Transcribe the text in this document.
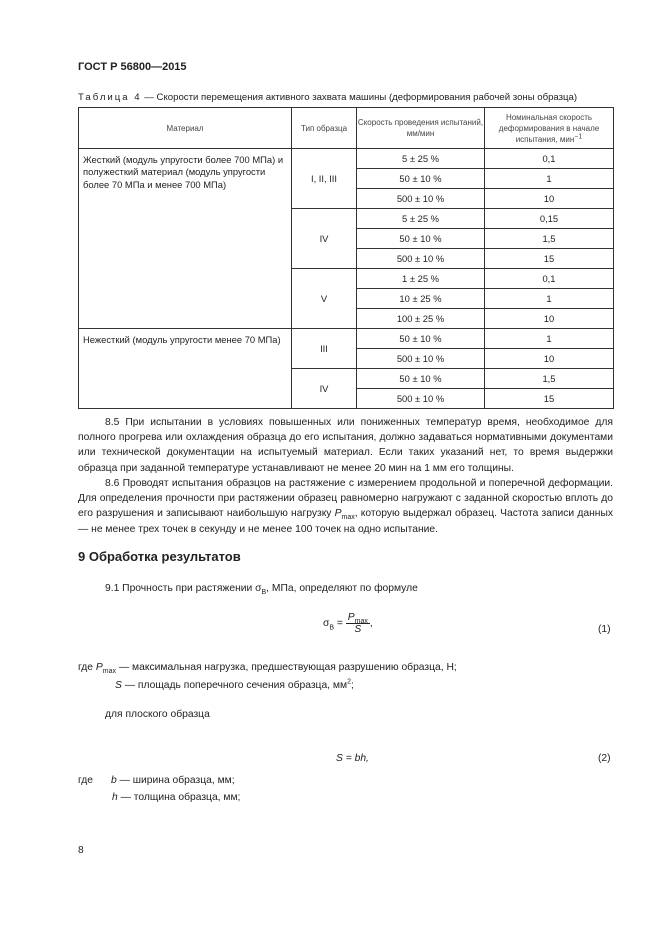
ГОСТ Р 56800—2015
Таблица 4 — Скорости перемещения активного захвата машины (деформирования рабочей зоны образца)
Материал	Тип образца	Скорость проведения испытаний, мм/мин	Номинальная скорость деформирования в начале испытания, мин$^{-1}$
Жесткий (модуль упругости более 700 МПа) и полужесткий материал (модуль упругости более 70 МПа и менее 700 МПа)	I, II, III	5 ± 25 %	0,1
		50 ± 10 %	1
		500 ± 10 %	10
	IV	5 ± 25 %	0,15
		50 ± 10 %	1,5
		500 ± 10 %	15
	V	1 ± 25 %	0,1
		10 ± 25 %	1
		100 ± 25 %	10
Нежесткий (модуль упругости менее 70 МПа)	III	50 ± 10 %	1
		500 ± 10 %	10
	IV	50 ± 10 %	1,5
		500 ± 10 %	15
8.5 При испытании в условиях повышенных или пониженных температур время, необходимое для полного прогрева или охлаждения образца до его испытания, должно задаваться нормативными документами или технической документации на испытуемый материал. Если таких указаний нет, то время выдержки образца при заданной температуре устанавливают не менее 20 мин на 1 мм его толщины.
8.6 Проводят испытания образцов на растяжение с измерением продольной и поперечной деформации. Для определения прочности при растяжении образец равномерно нагружают с заданной скоростью вплоть до его разрушения и записывают наибольшую нагрузку $P_{max}$, которую выдержал образец. Частота записи данных — не менее трех точек в секунду и не менее 100 точек на одно испытание.
9 Обработка результатов
9.1 Прочность при растяжении $\sigma_В$, МПа, определяют по формуле
$\sigma_В = \frac{P_{max}}{S}$ ,
(1)
где $P_{max}$ — максимальная нагрузка, предшествующая разрушению образца, Н;
S — площадь поперечного сечения образца, $мм^2$;
для плоского образца
S = bh,	(2)
где b — ширина образца, мм;
h — толщина образца, мм;
8
